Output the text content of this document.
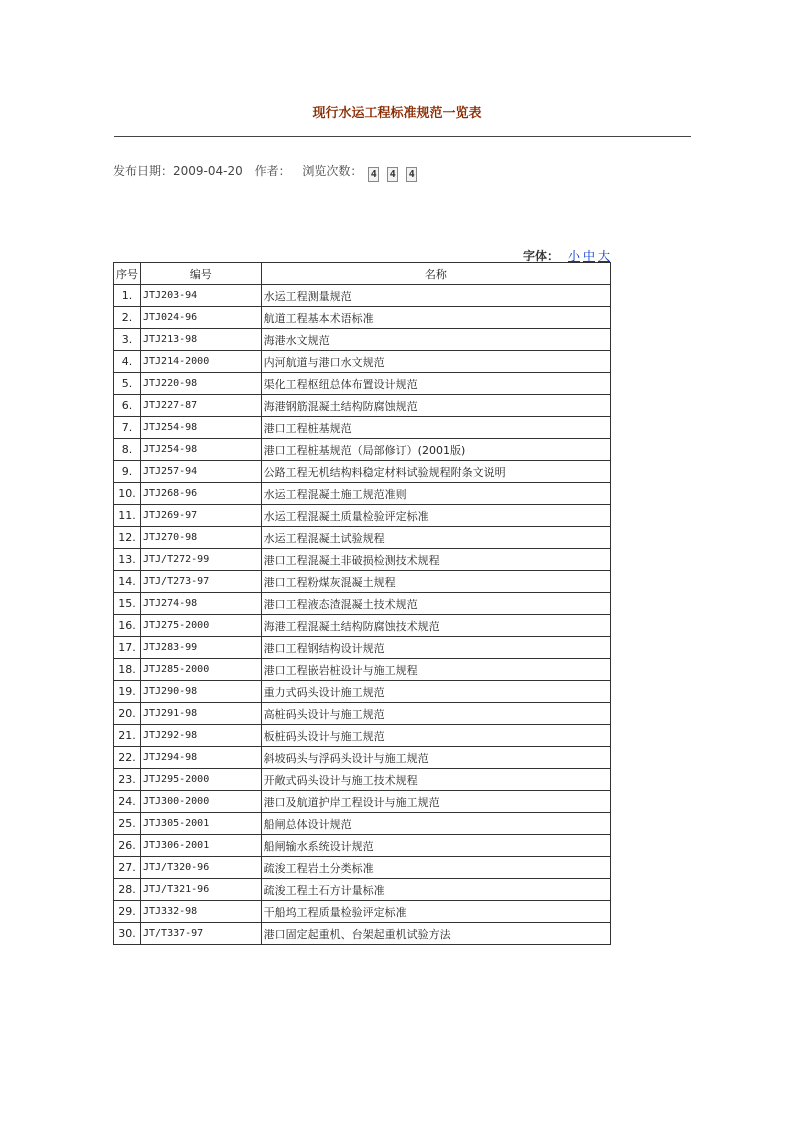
现行水运工程标准规范一览表
发布日期：2009-04-20 作者： 浏览次数： 4 4 4
字体： 小 中 大
序号	编号	名称
1.	JTJ203-94	水运工程测量规范
2.	JTJ024-96	航道工程基本术语标准
3.	JTJ213-98	海港水文规范
4.	JTJ214-2000	内河航道与港口水文规范
5.	JTJ220-98	渠化工程枢纽总体布置设计规范
6.	JTJ227-87	海港钢筋混凝土结构防腐蚀规范
7.	JTJ254-98	港口工程桩基规范
8.	JTJ254-98	港口工程桩基规范（局部修订）(2001版)
9.	JTJ257-94	公路工程无机结构料稳定材料试验规程附条文说明
10.	JTJ268-96	水运工程混凝土施工规范准则
11.	JTJ269-97	水运工程混凝土质量检验评定标准
12.	JTJ270-98	水运工程混凝土试验规程
13.	JTJ/T272-99	港口工程混凝土非破损检测技术规程
14.	JTJ/T273-97	港口工程粉煤灰混凝土规程
15.	JTJ274-98	港口工程液态渣混凝土技术规范
16.	JTJ275-2000	海港工程混凝土结构防腐蚀技术规范
17.	JTJ283-99	港口工程钢结构设计规范
18.	JTJ285-2000	港口工程嵌岩桩设计与施工规程
19.	JTJ290-98	重力式码头设计施工规范
20.	JTJ291-98	高桩码头设计与施工规范
21.	JTJ292-98	板桩码头设计与施工规范
22.	JTJ294-98	斜坡码头与浮码头设计与施工规范
23.	JTJ295-2000	开敞式码头设计与施工技术规程
24.	JTJ300-2000	港口及航道护岸工程设计与施工规范
25.	JTJ305-2001	船闸总体设计规范
26.	JTJ306-2001	船闸输水系统设计规范
27.	JTJ/T320-96	疏浚工程岩土分类标准
28.	JTJ/T321-96	疏浚工程土石方计量标准
29.	JTJ332-98	干船坞工程质量检验评定标准
30.	JT/T337-97	港口固定起重机、台架起重机试验方法
